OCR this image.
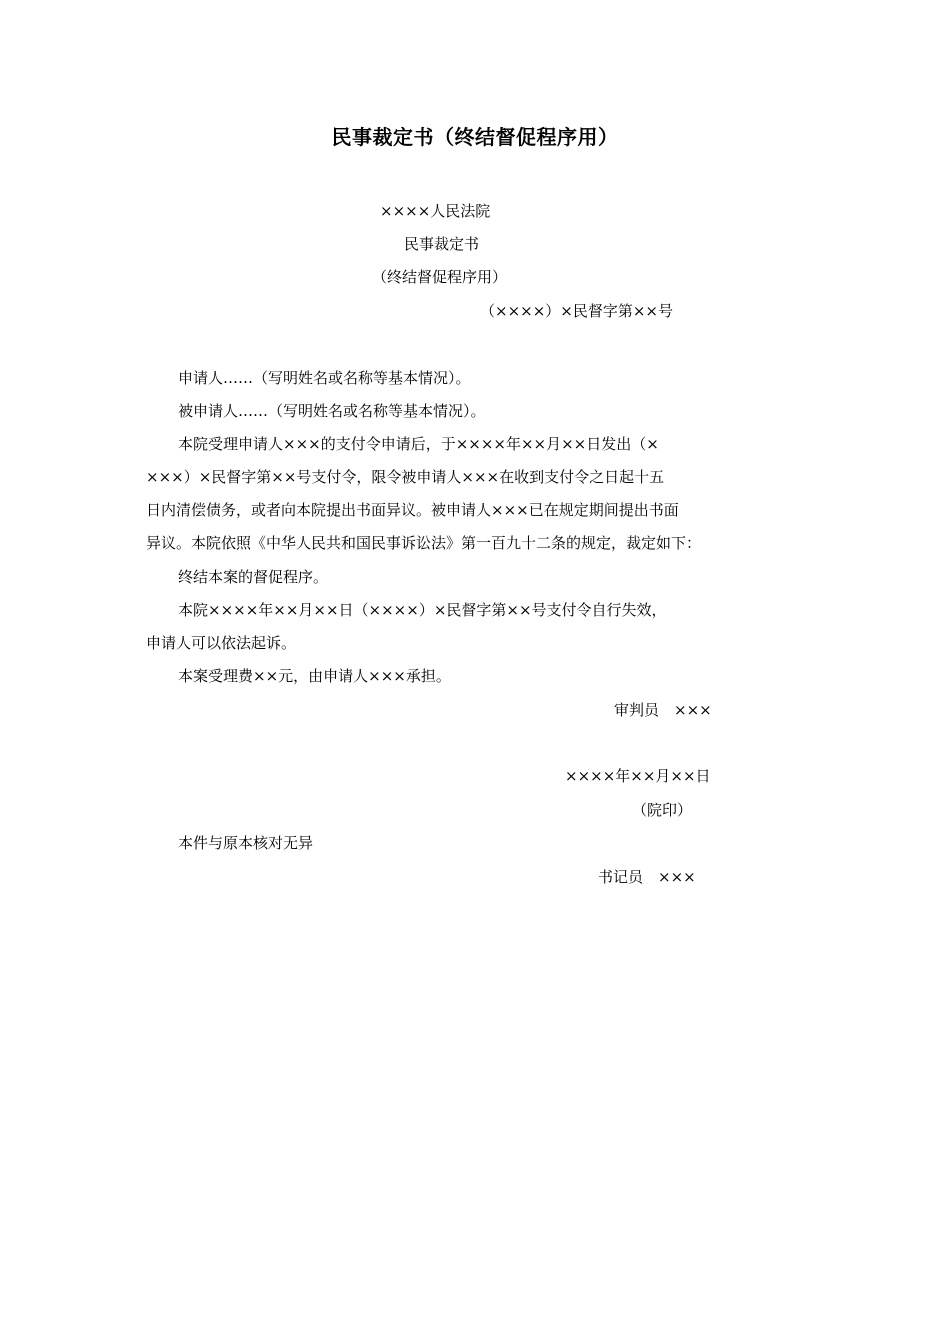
民事裁定书（终结督促程序用）
××××人民法院
民事裁定书
（终结督促程序用）
（××××）×民督字第××号
申请人……（写明姓名或名称等基本情况）。
被申请人……（写明姓名或名称等基本情况）。
本院受理申请人×××的支付令申请后，于××××年××月××日发出（×
×××）×民督字第××号支付令，限令被申请人×××在收到支付令之日起十五
日内清偿债务，或者向本院提出书面异议。被申请人×××已在规定期间提出书面
异议。本院依照《中华人民共和国民事诉讼法》第一百九十二条的规定，裁定如下：
终结本案的督促程序。
本院××××年××月××日（××××）×民督字第××号支付令自行失效，
申请人可以依法起诉。
本案受理费××元，由申请人×××承担。
审判员　×××
××××年××月××日
（院印）
本件与原本核对无异
书记员　×××
